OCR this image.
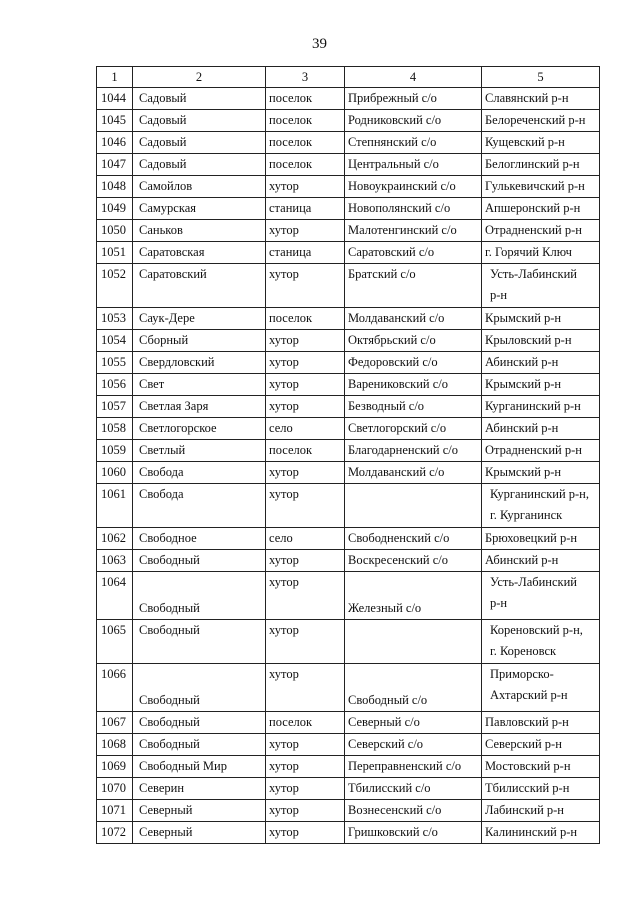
39
1	2	3	4	5
1044	Садовый	поселок	Прибрежный с/о	Славянский р-н
1045	Садовый	поселок	Родниковский с/о	Белореченский р-н
1046	Садовый	поселок	Степнянский с/о	Кущевский р-н
1047	Садовый	поселок	Центральный с/о	Белоглинский р-н
1048	Самойлов	хутор	Новоукраинский с/о	Гулькевичский р-н
1049	Самурская	станица	Новополянский с/о	Апшеронский р-н
1050	Саньков	хутор	Малотенгинский с/о	Отрадненский р-н
1051	Саратовская	станица	Саратовский с/о	г. Горячий Ключ
1052	Саратовский	хутор	Братский с/о	Усть-Лабинский
р-н

1053	Саук-Дере	поселок	Молдаванский с/о	Крымский р-н
1054	Сборный	хутор	Октябрьский с/о	Крыловский р-н
1055	Свердловский	хутор	Федоровский с/о	Абинский р-н
1056	Свет	хутор	Варениковский с/о	Крымский р-н
1057	Светлая Заря	хутор	Безводный с/о	Курганинский р-н
1058	Светлогорское	село	Светлогорский с/о	Абинский р-н
1059	Светлый	поселок	Благодарненский с/о	Отрадненский р-н
1060	Свобода	хутор	Молдаванский с/о	Крымский р-н
1061	Свобода	хутор		Курганинский р-н,
г. Курганинск

1062	Свободное	село	Свободненский с/о	Брюховецкий р-н
1063	Свободный	хутор	Воскресенский с/о	Абинский р-н
1064	Свободный	хутор	Железный с/о	Усть-Лабинский
р-н

1065	Свободный	хутор		Кореновский р-н,
г. Кореновск

1066	Свободный	хутор	Свободный с/о	Приморско-
Ахтарский р-н

1067	Свободный	поселок	Северный с/о	Павловский р-н
1068	Свободный	хутор	Северский с/о	Северский р-н
1069	Свободный Мир	хутор	Переправненский с/о	Мостовский р-н
1070	Северин	хутор	Тбилисский с/о	Тбилисский р-н
1071	Северный	хутор	Вознесенский с/о	Лабинский р-н
1072	Северный	хутор	Гришковский с/о	Калининский р-н
